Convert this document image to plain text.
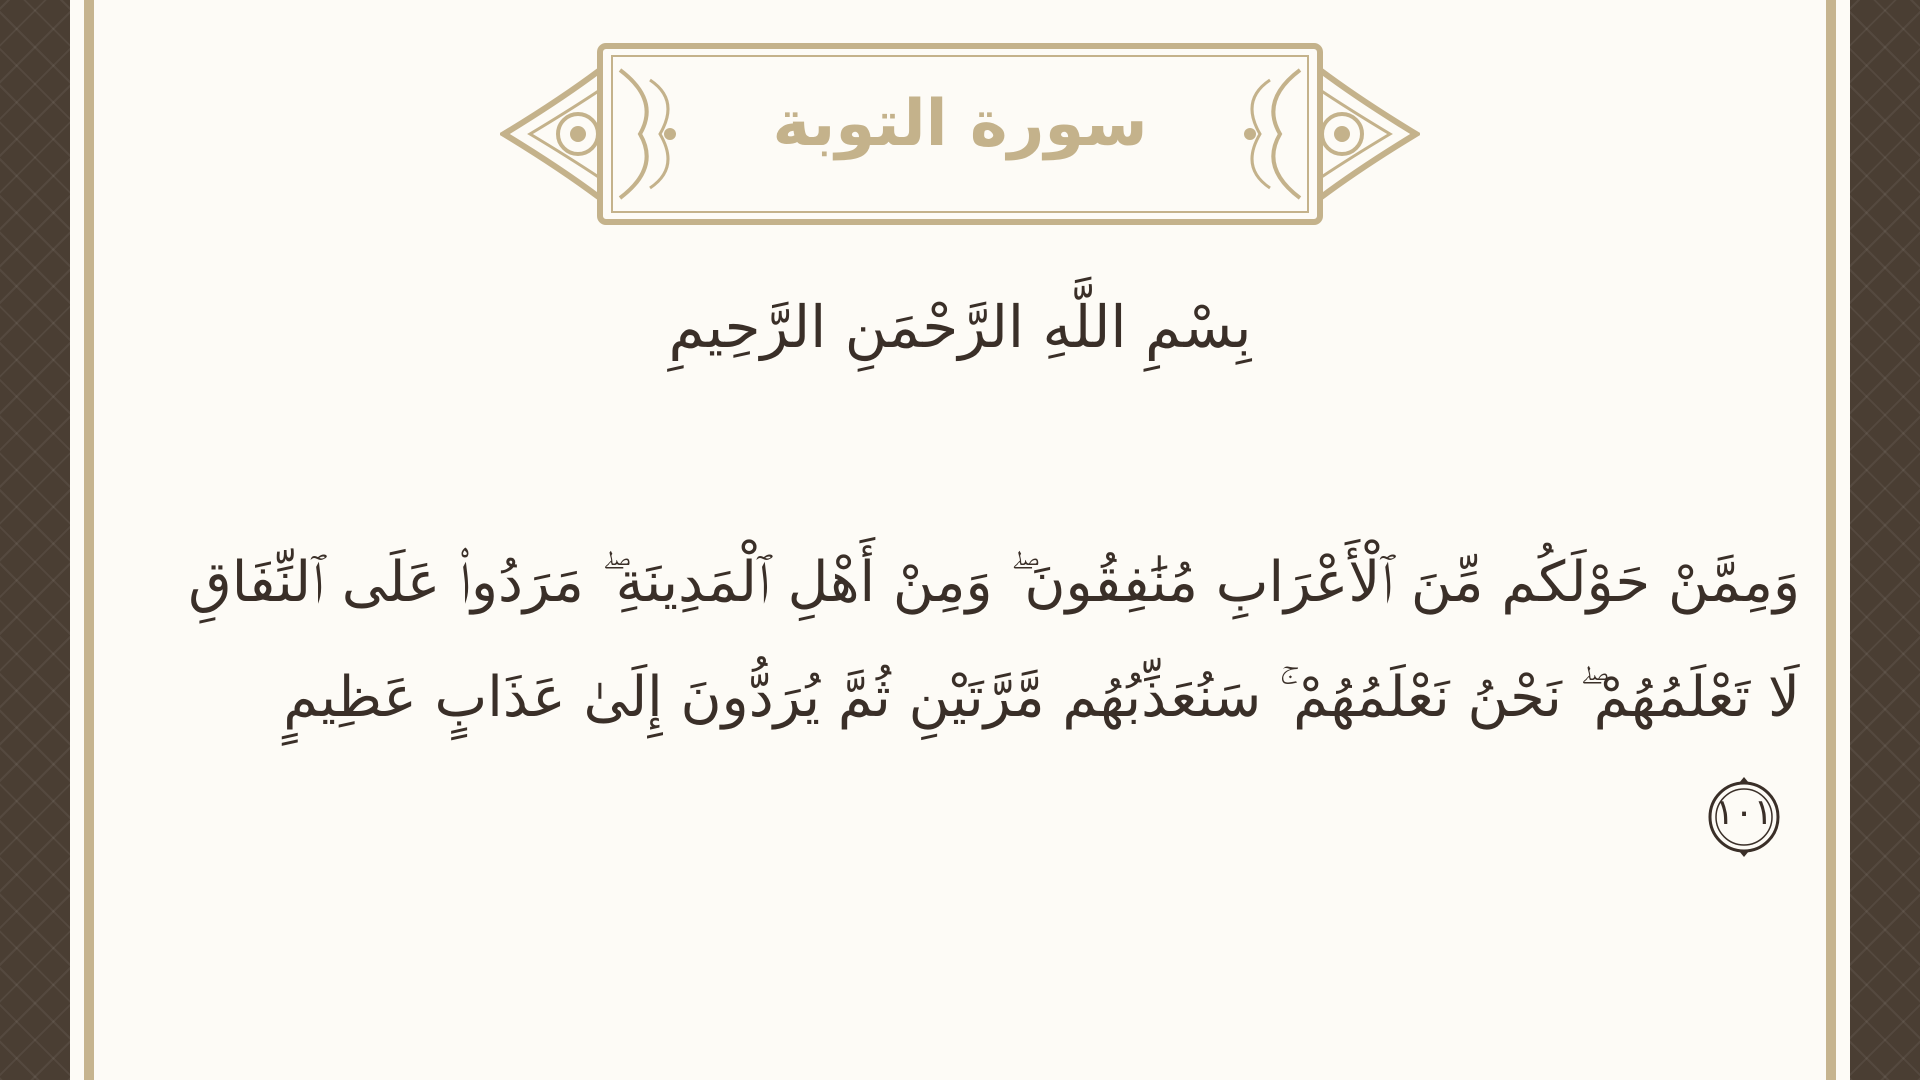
سورة التوبة
بِسْمِ اللَّهِ الرَّحْمَنِ الرَّحِيمِ
وَمِمَّنْ حَوْلَكُم مِّنَ ٱلْأَعْرَابِ مُنَٰفِقُونَ ۖ وَمِنْ أَهْلِ ٱلْمَدِينَةِ ۖ مَرَدُوا۟ عَلَى ٱلنِّفَاقِ لَا تَعْلَمُهُمْ ۖ نَحْنُ نَعْلَمُهُمْ ۚ سَنُعَذِّبُهُم مَّرَّتَيْنِ ثُمَّ يُرَدُّونَ إِلَىٰ عَذَابٍ عَظِيمٍ
١٠١
